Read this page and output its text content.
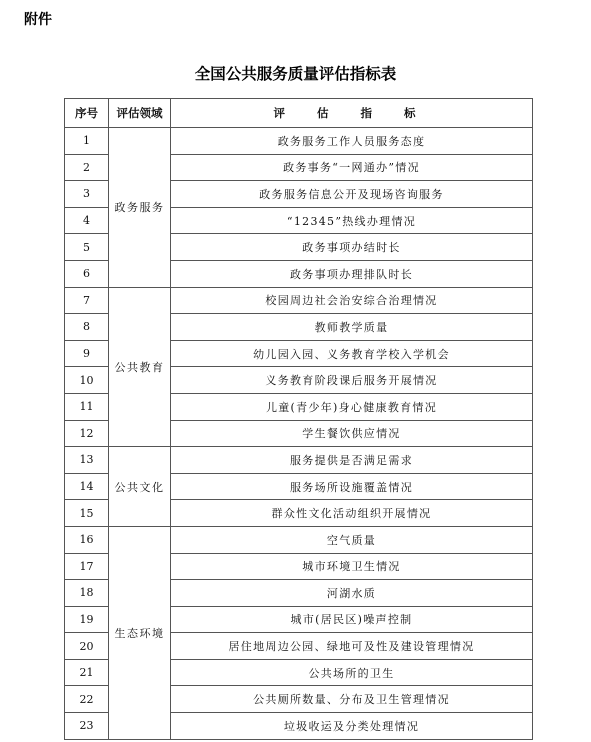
附件
全国公共服务质量评估指标表
序号	评估领域	评 估 指 标
1	政务服务	政务服务工作人员服务态度
2		政务事务“一网通办”情况
3		政务服务信息公开及现场咨询服务
4		“12345”热线办理情况
5		政务事项办结时长
6		政务事项办理排队时长
7	公共教育	校园周边社会治安综合治理情况
8		教师教学质量
9		幼儿园入园、义务教育学校入学机会
10		义务教育阶段课后服务开展情况
11		儿童(青少年)身心健康教育情况
12		学生餐饮供应情况
13	公共文化	服务提供是否满足需求
14		服务场所设施覆盖情况
15		群众性文化活动组织开展情况
16	生态环境	空气质量
17		城市环境卫生情况
18		河湖水质
19		城市(居民区)噪声控制
20		居住地周边公园、绿地可及性及建设管理情况
21		公共场所的卫生
22		公共厕所数量、分布及卫生管理情况
23		垃圾收运及分类处理情况
